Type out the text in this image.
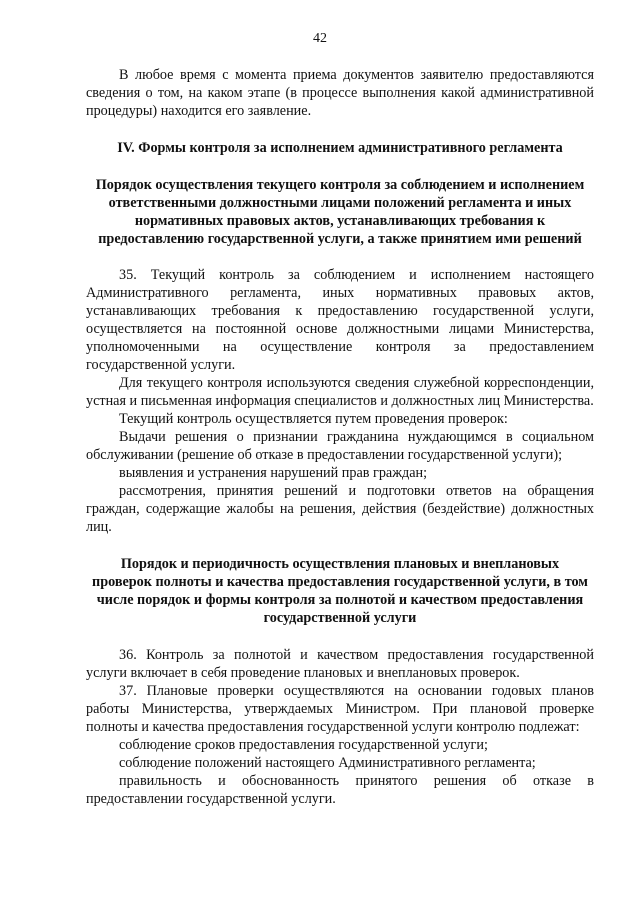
42

В любое время с момента приема документов заявителю предоставляются сведения о том, на каком этапе (в процессе выполнения какой административной процедуры) находится его заявление.

IV. Формы контроля за исполнением административного регламента
Порядок осуществления текущего контроля за соблюдением и исполнением ответственными должностными лицами положений регламента и иных нормативных правовых актов, устанавливающих требования к предоставлению государственной услуги, а также принятием ими решений

35. Текущий контроль за соблюдением и исполнением настоящего Административного регламента, иных нормативных правовых актов, устанавливающих требования к предоставлению государственной услуги, осуществляется на постоянной основе должностными лицами Министерства, уполномоченными на осуществление контроля за предоставлением государственной услуги.

Для текущего контроля используются сведения служебной корреспонденции, устная и письменная информация специалистов и должностных лиц Министерства.

Текущий контроль осуществляется путем проведения проверок:

Выдачи решения о признании гражданина нуждающимся в социальном обслуживании (решение об отказе в предоставлении государственной услуги);

выявления и устранения нарушений прав граждан;

рассмотрения, принятия решений и подготовки ответов на обращения граждан, содержащие жалобы на решения, действия (бездействие) должностных лиц.

Порядок и периодичность осуществления плановых и внеплановых проверок полноты и качества предоставления государственной услуги, в том числе порядок и формы контроля за полнотой и качеством предоставления государственной услуги

36. Контроль за полнотой и качеством предоставления государственной услуги включает в себя проведение плановых и внеплановых проверок.

37. Плановые проверки осуществляются на основании годовых планов работы Министерства, утверждаемых Министром. При плановой проверке полноты и качества предоставления государственной услуги контролю подлежат:

соблюдение сроков предоставления государственной услуги;

соблюдение положений настоящего Административного регламента;

правильность и обоснованность принятого решения об отказе в предоставлении государственной услуги.
